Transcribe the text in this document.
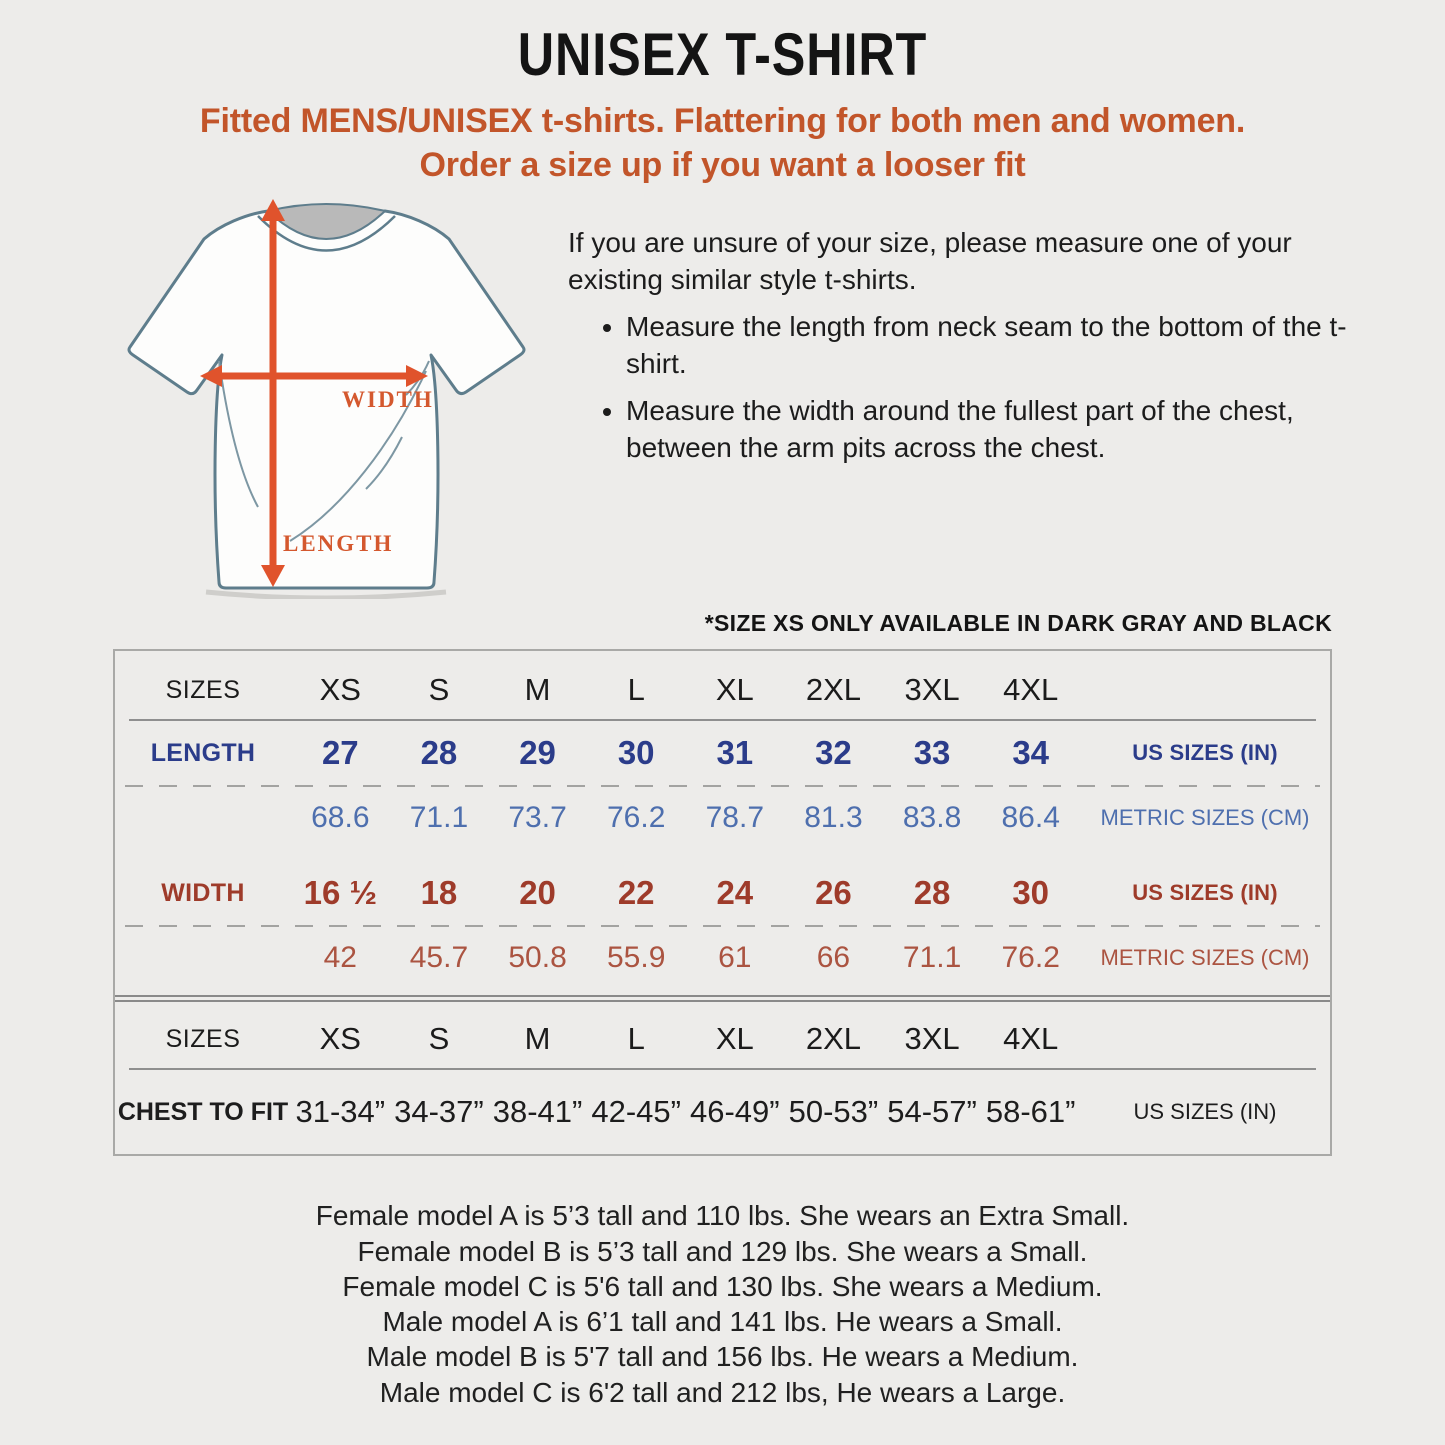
UNISEX T-SHIRT
Fitted MENS/UNISEX t-shirts. Flattering for both men and women.
Order a size up if you want a looser fit
WIDTH
LENGTH

If you are unsure of your size, please measure one of your existing similar style t-shirts.

• Measure the length from neck seam to the bottom of the t-shirt.
• Measure the width around the fullest part of the chest, between the arm pits across the chest.
*SIZE XS ONLY AVAILABLE IN DARK GRAY AND BLACK
SIZES	XS	S	M	L	XL	2XL	3XL	4XL
LENGTH	27	28	29	30	31	32	33	34	US SIZES (IN)
68.6	71.1	73.7	76.2	78.7	81.3	83.8	86.4	METRIC SIZES (CM)
WIDTH	16 ½	18	20	22	24	26	28	30	US SIZES (IN)
42	45.7	50.8	55.9	61	66	71.1	76.2	METRIC SIZES (CM)
SIZES	XS	S	M	L	XL	2XL	3XL	4XL
CHEST TO FIT 31-34” 34-37” 38-41” 42-45” 46-49” 50-53” 54-57” 58-61”	US SIZES (IN)
Female model A is 5’3 tall and 110 lbs. She wears an Extra Small.
Female model B is 5’3 tall and 129 lbs. She wears a Small.
Female model C is 5'6 tall and 130 lbs. She wears a Medium.
Male model A is 6’1 tall and 141 lbs. He wears a Small.
Male model B is 5'7 tall and 156 lbs. He wears a Medium.
Male model C is 6'2 tall and 212 lbs, He wears a Large.
